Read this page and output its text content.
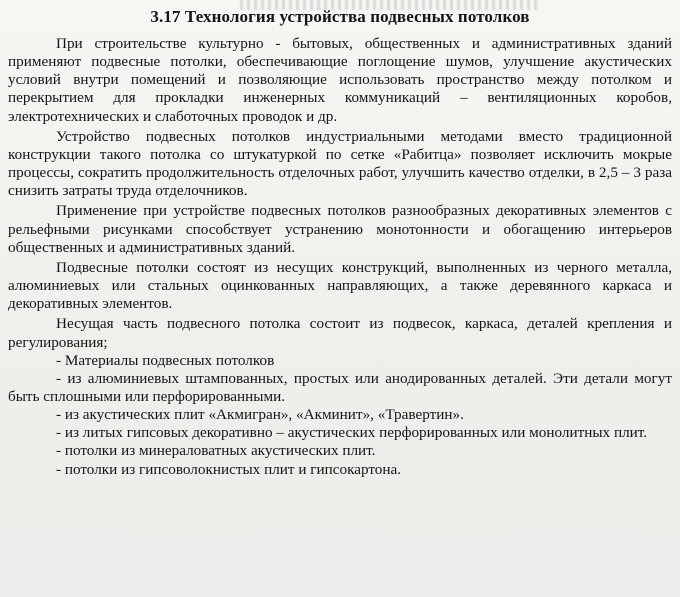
3.17 Технология устройства подвесных потолков

При строительстве культурно - бытовых, общественных и административных зданий применяют подвесные потолки, обеспечивающие поглощение шумов, улучшение акустических условий внутри помещений и позволяющие использовать пространство между потолком и перекрытием для прокладки инженерных коммуникаций – вентиляционных коробов, электротехнических и слаботочных проводок и др.

Устройство подвесных потолков индустриальными методами вместо традиционной конструкции такого потолка со штукатуркой по сетке «Рабитца» позволяет исключить мокрые процессы, сократить продолжительность отделочных работ, улучшить качество отделки, в 2,5 – 3 раза снизить затраты труда отделочников.

Применение при устройстве подвесных потолков разнообразных декоративных элементов с рельефными рисунками способствует устранению монотонности и обогащению интерьеров общественных и административных зданий.

Подвесные потолки состоят из несущих конструкций, выполненных из черного металла, алюминиевых или стальных оцинкованных направляющих, а также деревянного каркаса и декоративных элементов.

Несущая часть подвесного потолка состоит из подвесок, каркаса, деталей крепления и регулирования;

- Материалы подвесных потолков

- из алюминиевых штампованных, простых или анодированных деталей. Эти детали могут быть сплошными или перфорированными.

- из акустических плит «Акмигран», «Акминит», «Травертин».

- из литых гипсовых декоративно – акустических перфорированных или монолитных плит.

- потолки из минераловатных акустических плит.

- потолки из гипсоволокнистых плит и гипсокартона.
